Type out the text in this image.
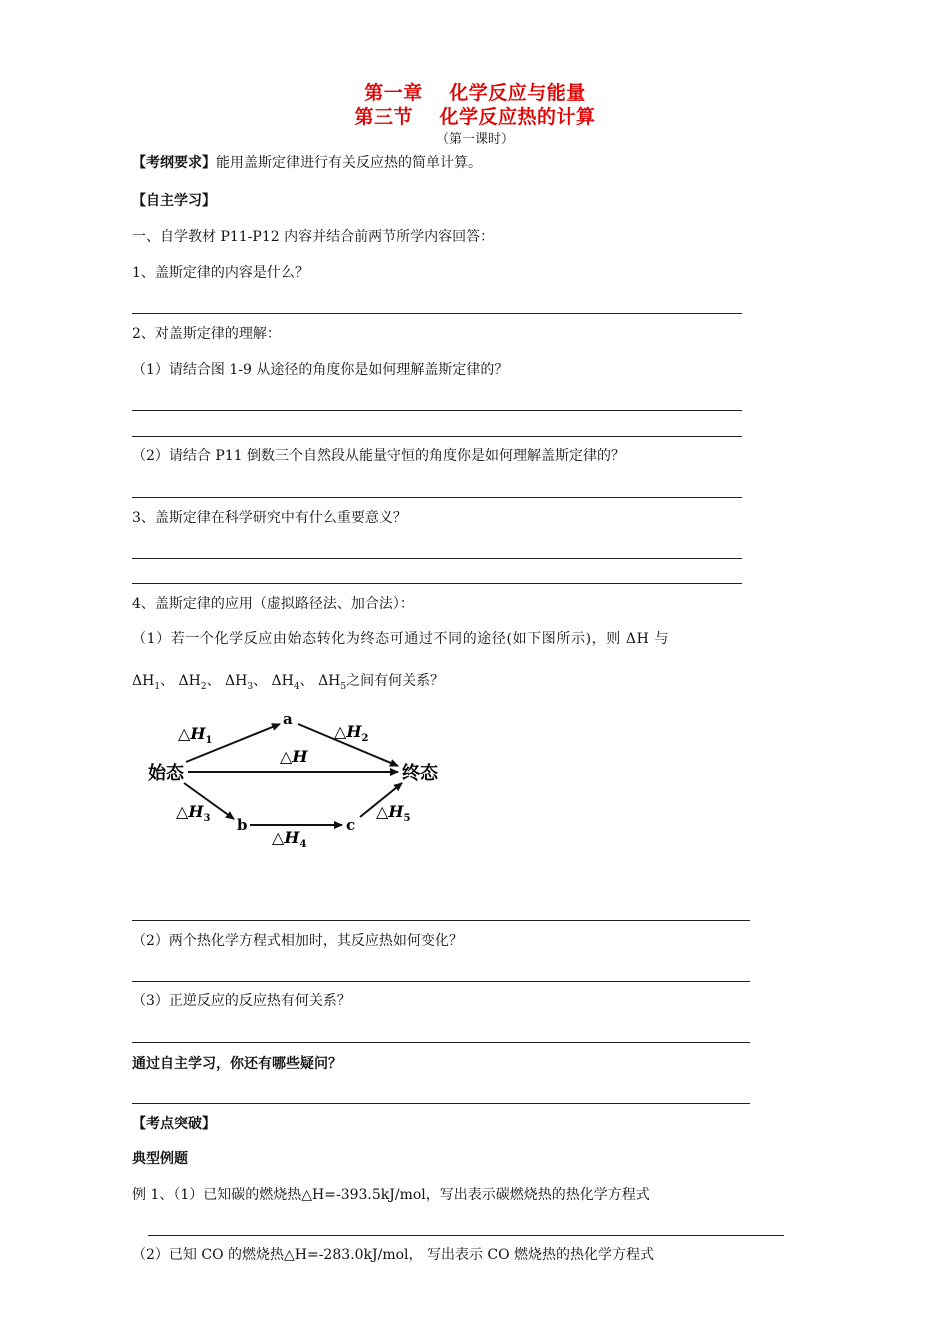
第一章　 化学反应与能量
第三节　 化学反应热的计算
（第一课时）
【考纲要求】能用盖斯定律进行有关反应热的简单计算。
【自主学习】
一、自学教材 P11-P12 内容并结合前两节所学内容回答：
1、盖斯定律的内容是什么？
2、对盖斯定律的理解：
（1）请结合图 1-9 从途径的角度你是如何理解盖斯定律的？
（2）请结合 P11 倒数三个自然段从能量守恒的角度你是如何理解盖斯定律的？
3、盖斯定律在科学研究中有什么重要意义？
4、盖斯定律的应用（虚拟路径法、加合法）：
（1）若一个化学反应由始态转化为终态可通过不同的途径(如下图所示)，则 ΔH 与
$\Delta H_1$、 $\Delta H_2$、 $\Delta H_3$、 $\Delta H_4$、 $\Delta H_5$之间有何关系？
始态	终态
a
b	c
$\triangle H_1$	$\triangle H_2$
△H
$\triangle H_3$
$\triangle H_4$
$\triangle H_5$
（2）两个热化学方程式相加时，其反应热如何变化？
（3）正逆反应的反应热有何关系？
通过自主学习，你还有哪些疑问？
【考点突破】
典型例题
例 1、（1）已知碳的燃烧热△H=-393.5kJ/mol，写出表示碳燃烧热的热化学方程式
（2）已知 CO 的燃烧热△H=-283.0kJ/mol， 写出表示 CO 燃烧热的热化学方程式
